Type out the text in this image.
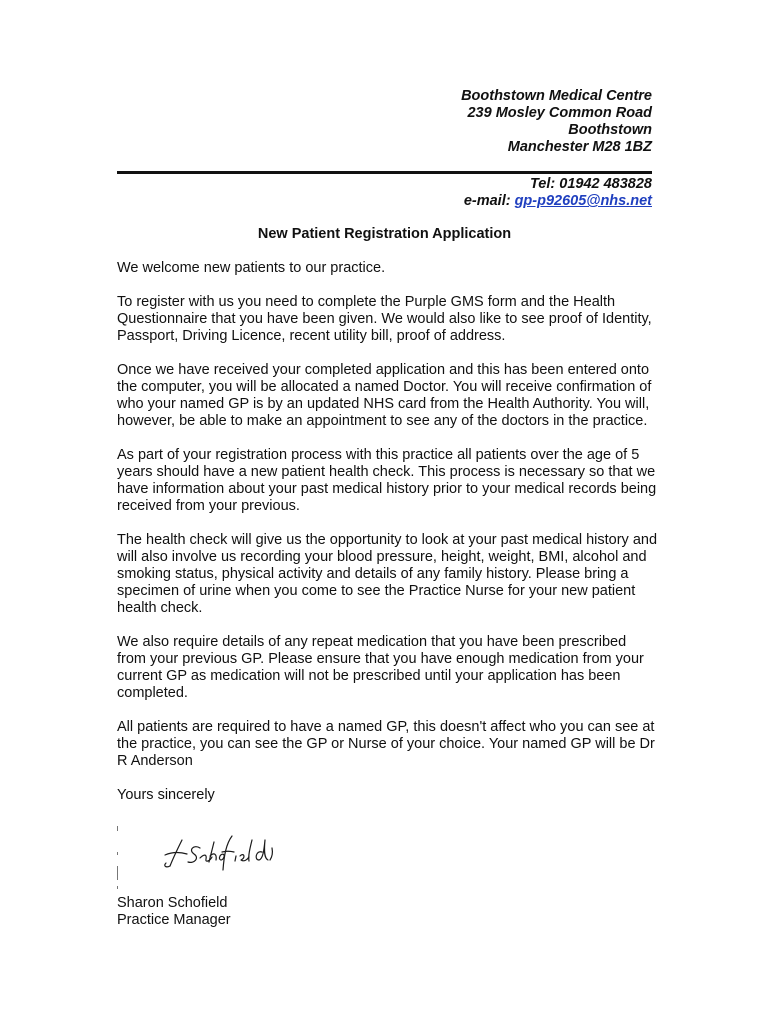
Boothstown Medical Centre
239 Mosley Common Road
Boothstown
Manchester M28 1BZ
Tel: 01942 483828
e-mail: gp-p92605@nhs.net
New Patient Registration Application

We welcome new patients to our practice.

To register with us you need to complete the Purple GMS form and the Health Questionnaire that you have been given. We would also like to see proof of Identity, Passport, Driving Licence, recent utility bill, proof of address.

Once we have received your completed application and this has been entered onto the computer, you will be allocated a named Doctor. You will receive confirmation of who your named GP is by an updated NHS card from the Health Authority. You will, however, be able to make an appointment to see any of the doctors in the practice.

As part of your registration process with this practice all patients over the age of 5 years should have a new patient health check. This process is necessary so that we have information about your past medical history prior to your medical records being received from your previous.

The health check will give us the opportunity to look at your past medical history and will also involve us recording your blood pressure, height, weight, BMI, alcohol and smoking status, physical activity and details of any family history. Please bring a specimen of urine when you come to see the Practice Nurse for your new patient health check.

We also require details of any repeat medication that you have been prescribed from your previous GP. Please ensure that you have enough medication from your current GP as medication will not be prescribed until your application has been completed.

All patients are required to have a named GP, this doesn't affect who you can see at the practice, you can see the GP or Nurse of your choice. Your named GP will be Dr R Anderson

Yours sincerely

Sharon Schofield
Practice Manager
